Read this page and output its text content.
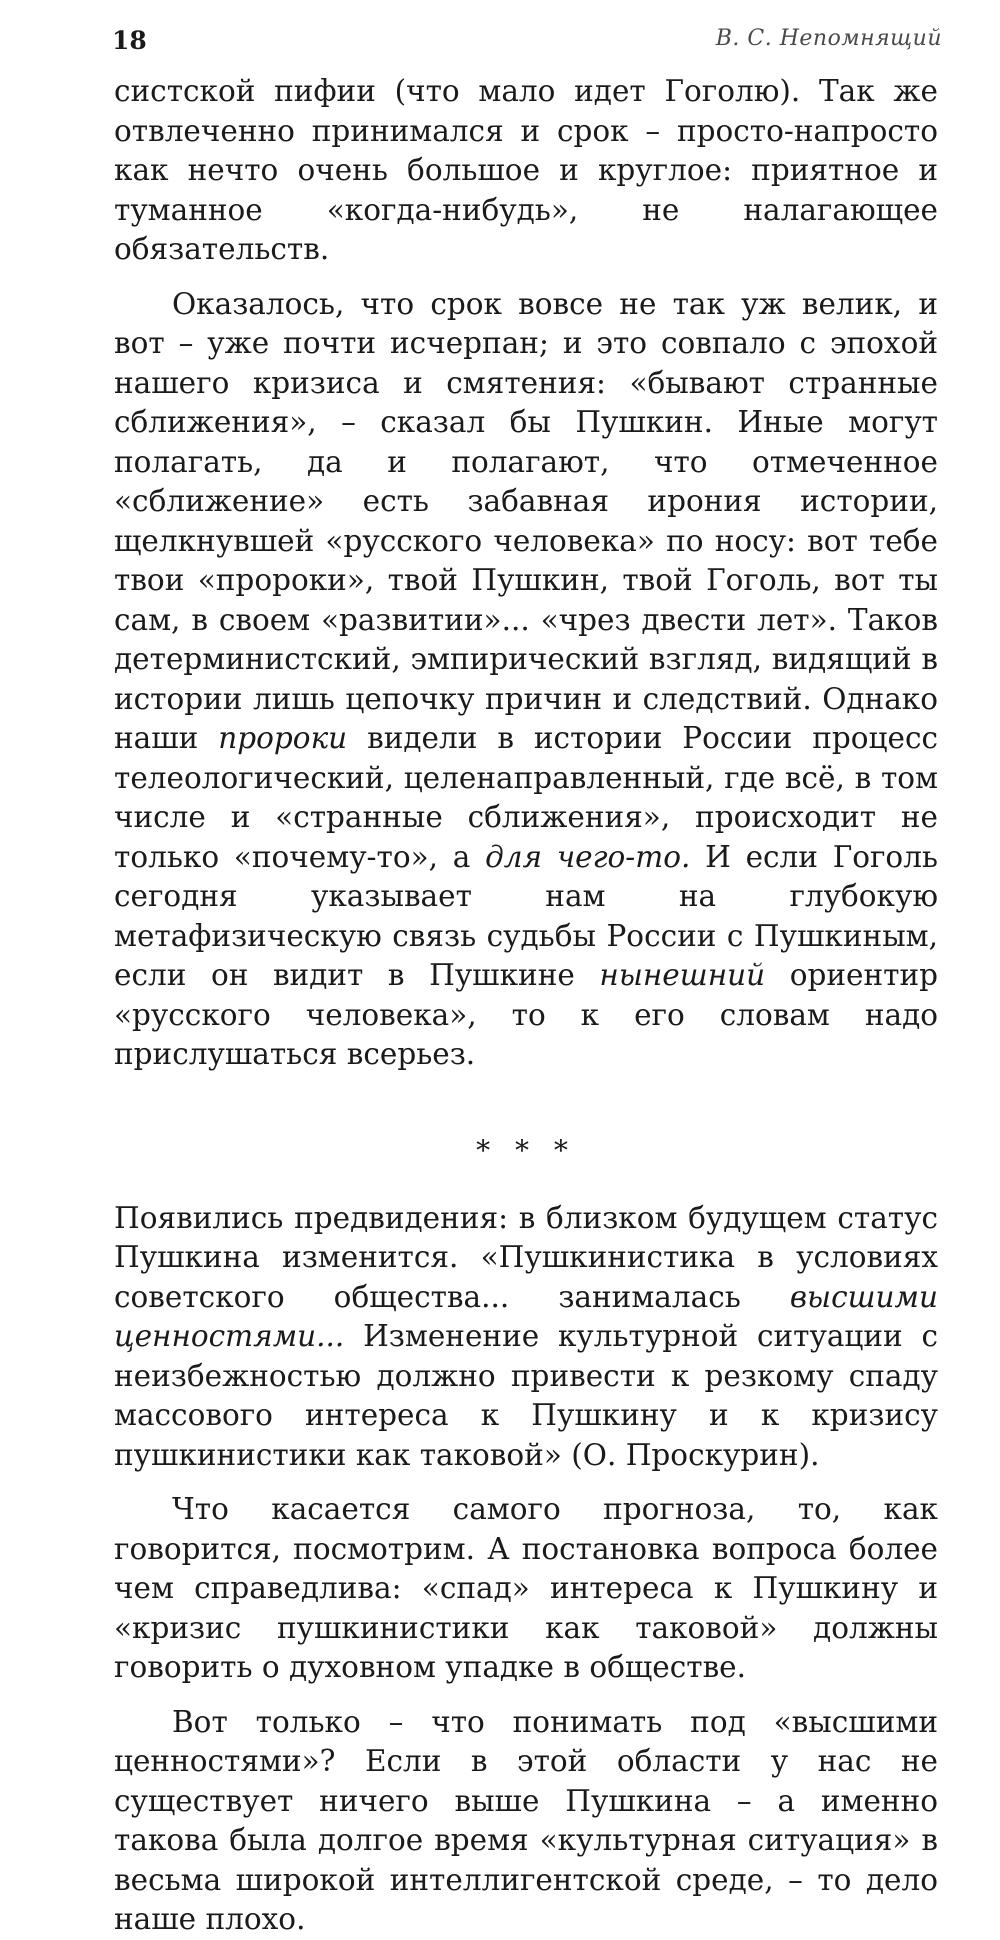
18	В. С. Непомнящий

систской пифии (что мало идет Гоголю). Так же отвлеченно принимался и срок – просто-напросто как нечто очень большое и круглое: приятное и туманное «когда-нибудь», не налагающее обязательств.

Оказалось, что срок вовсе не так уж велик, и вот – уже почти исчерпан; и это совпало с эпохой нашего кризиса и смятения: «бывают странные сближения», – сказал бы Пушкин. Иные могут полагать, да и полагают, что отмеченное «сближение» есть забавная ирония истории, щелкнувшей «русского человека» по носу: вот тебе твои «пророки», твой Пушкин, твой Гоголь, вот ты сам, в своем «развитии»... «чрез двести лет». Таков детерминистский, эмпирический взгляд, видящий в истории лишь цепочку причин и следствий. Однако наши пророки видели в истории России процесс телеологический, целенаправленный, где всё, в том числе и «странные сближения», происходит не только «почему-то», а для чего-то. И если Гоголь сегодня указывает нам на глубокую метафизическую связь судьбы России с Пушкиным, если он видит в Пушкине нынешний ориентир «русского человека», то к его словам надо прислушаться всерьез.

* * *

Появились предвидения: в близком будущем статус Пушкина изменится. «Пушкинистика в условиях советского общества... занималась высшими ценностями... Изменение культурной ситуации с неизбежностью должно привести к резкому спаду массового интереса к Пушкину и к кризису пушкинистики как таковой» (О. Проскурин).

Что касается самого прогноза, то, как говорится, посмотрим. А постановка вопроса более чем справедлива: «спад» интереса к Пушкину и «кризис пушкинистики как таковой» должны говорить о духовном упадке в обществе.

Вот только – что понимать под «высшими ценностями»? Если в этой области у нас не существует ничего выше Пушкина – а именно такова была долгое время «культурная ситуация» в весьма широкой интеллигентской среде, – то дело наше плохо.
